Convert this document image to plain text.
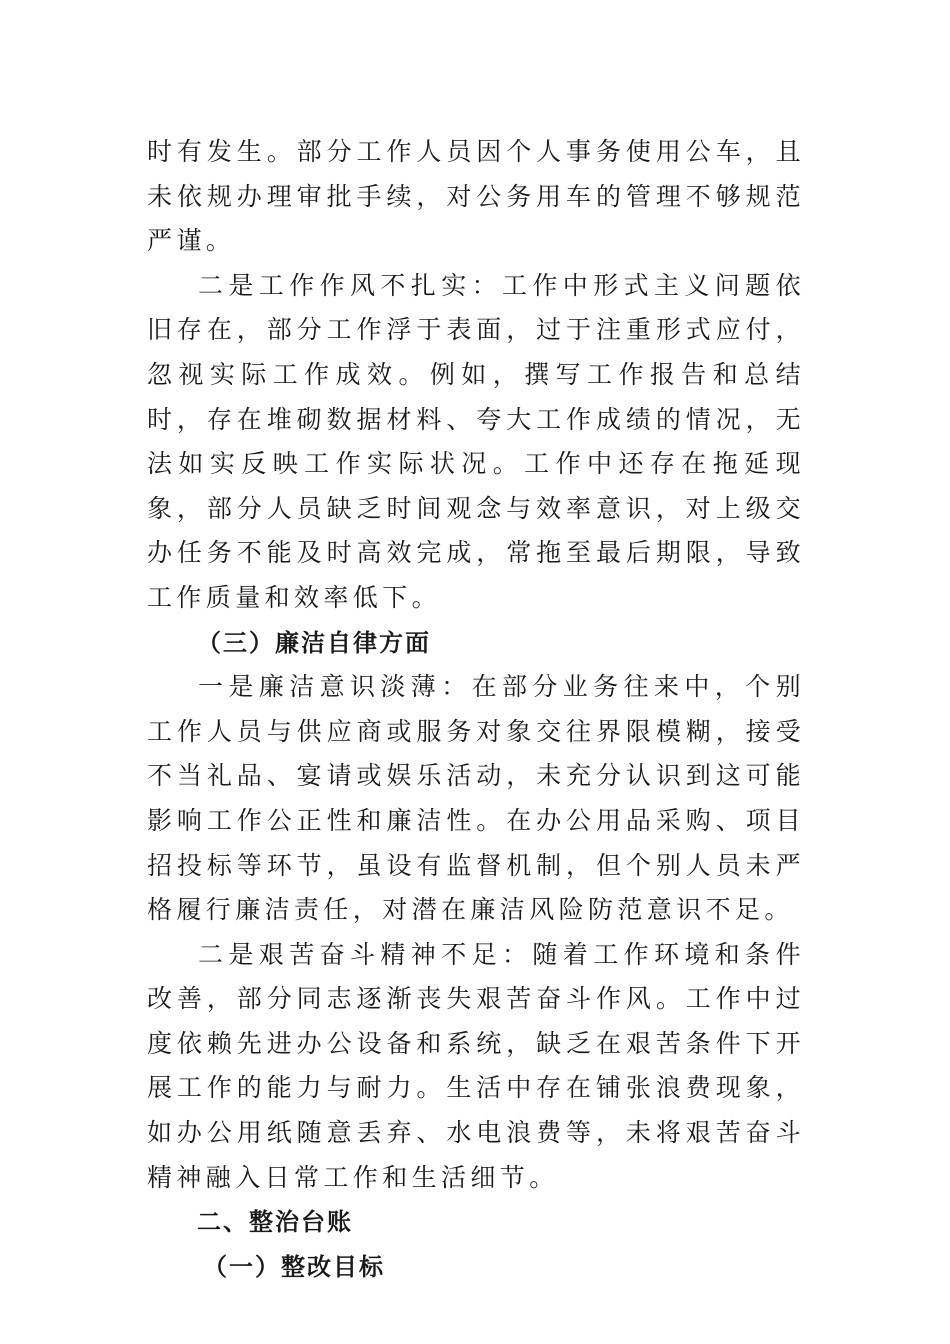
时有发生。部分工作人员因个人事务使用公车，且未依规办理审批手续，对公务用车的管理不够规范严谨。

二是工作作风不扎实：工作中形式主义问题依旧存在，部分工作浮于表面，过于注重形式应付，忽视实际工作成效。例如，撰写工作报告和总结时，存在堆砌数据材料、夸大工作成绩的情况，无法如实反映工作实际状况。工作中还存在拖延现象，部分人员缺乏时间观念与效率意识，对上级交办任务不能及时高效完成，常拖至最后期限，导致工作质量和效率低下。

（三）廉洁自律方面

一是廉洁意识淡薄：在部分业务往来中，个别工作人员与供应商或服务对象交往界限模糊，接受不当礼品、宴请或娱乐活动，未充分认识到这可能影响工作公正性和廉洁性。在办公用品采购、项目招投标等环节，虽设有监督机制，但个别人员未严格履行廉洁责任，对潜在廉洁风险防范意识不足。

二是艰苦奋斗精神不足：随着工作环境和条件改善，部分同志逐渐丧失艰苦奋斗作风。工作中过度依赖先进办公设备和系统，缺乏在艰苦条件下开展工作的能力与耐力。生活中存在铺张浪费现象，如办公用纸随意丢弃、水电浪费等，未将艰苦奋斗精神融入日常工作和生活细节。

二、整治台账

（一）整改目标
